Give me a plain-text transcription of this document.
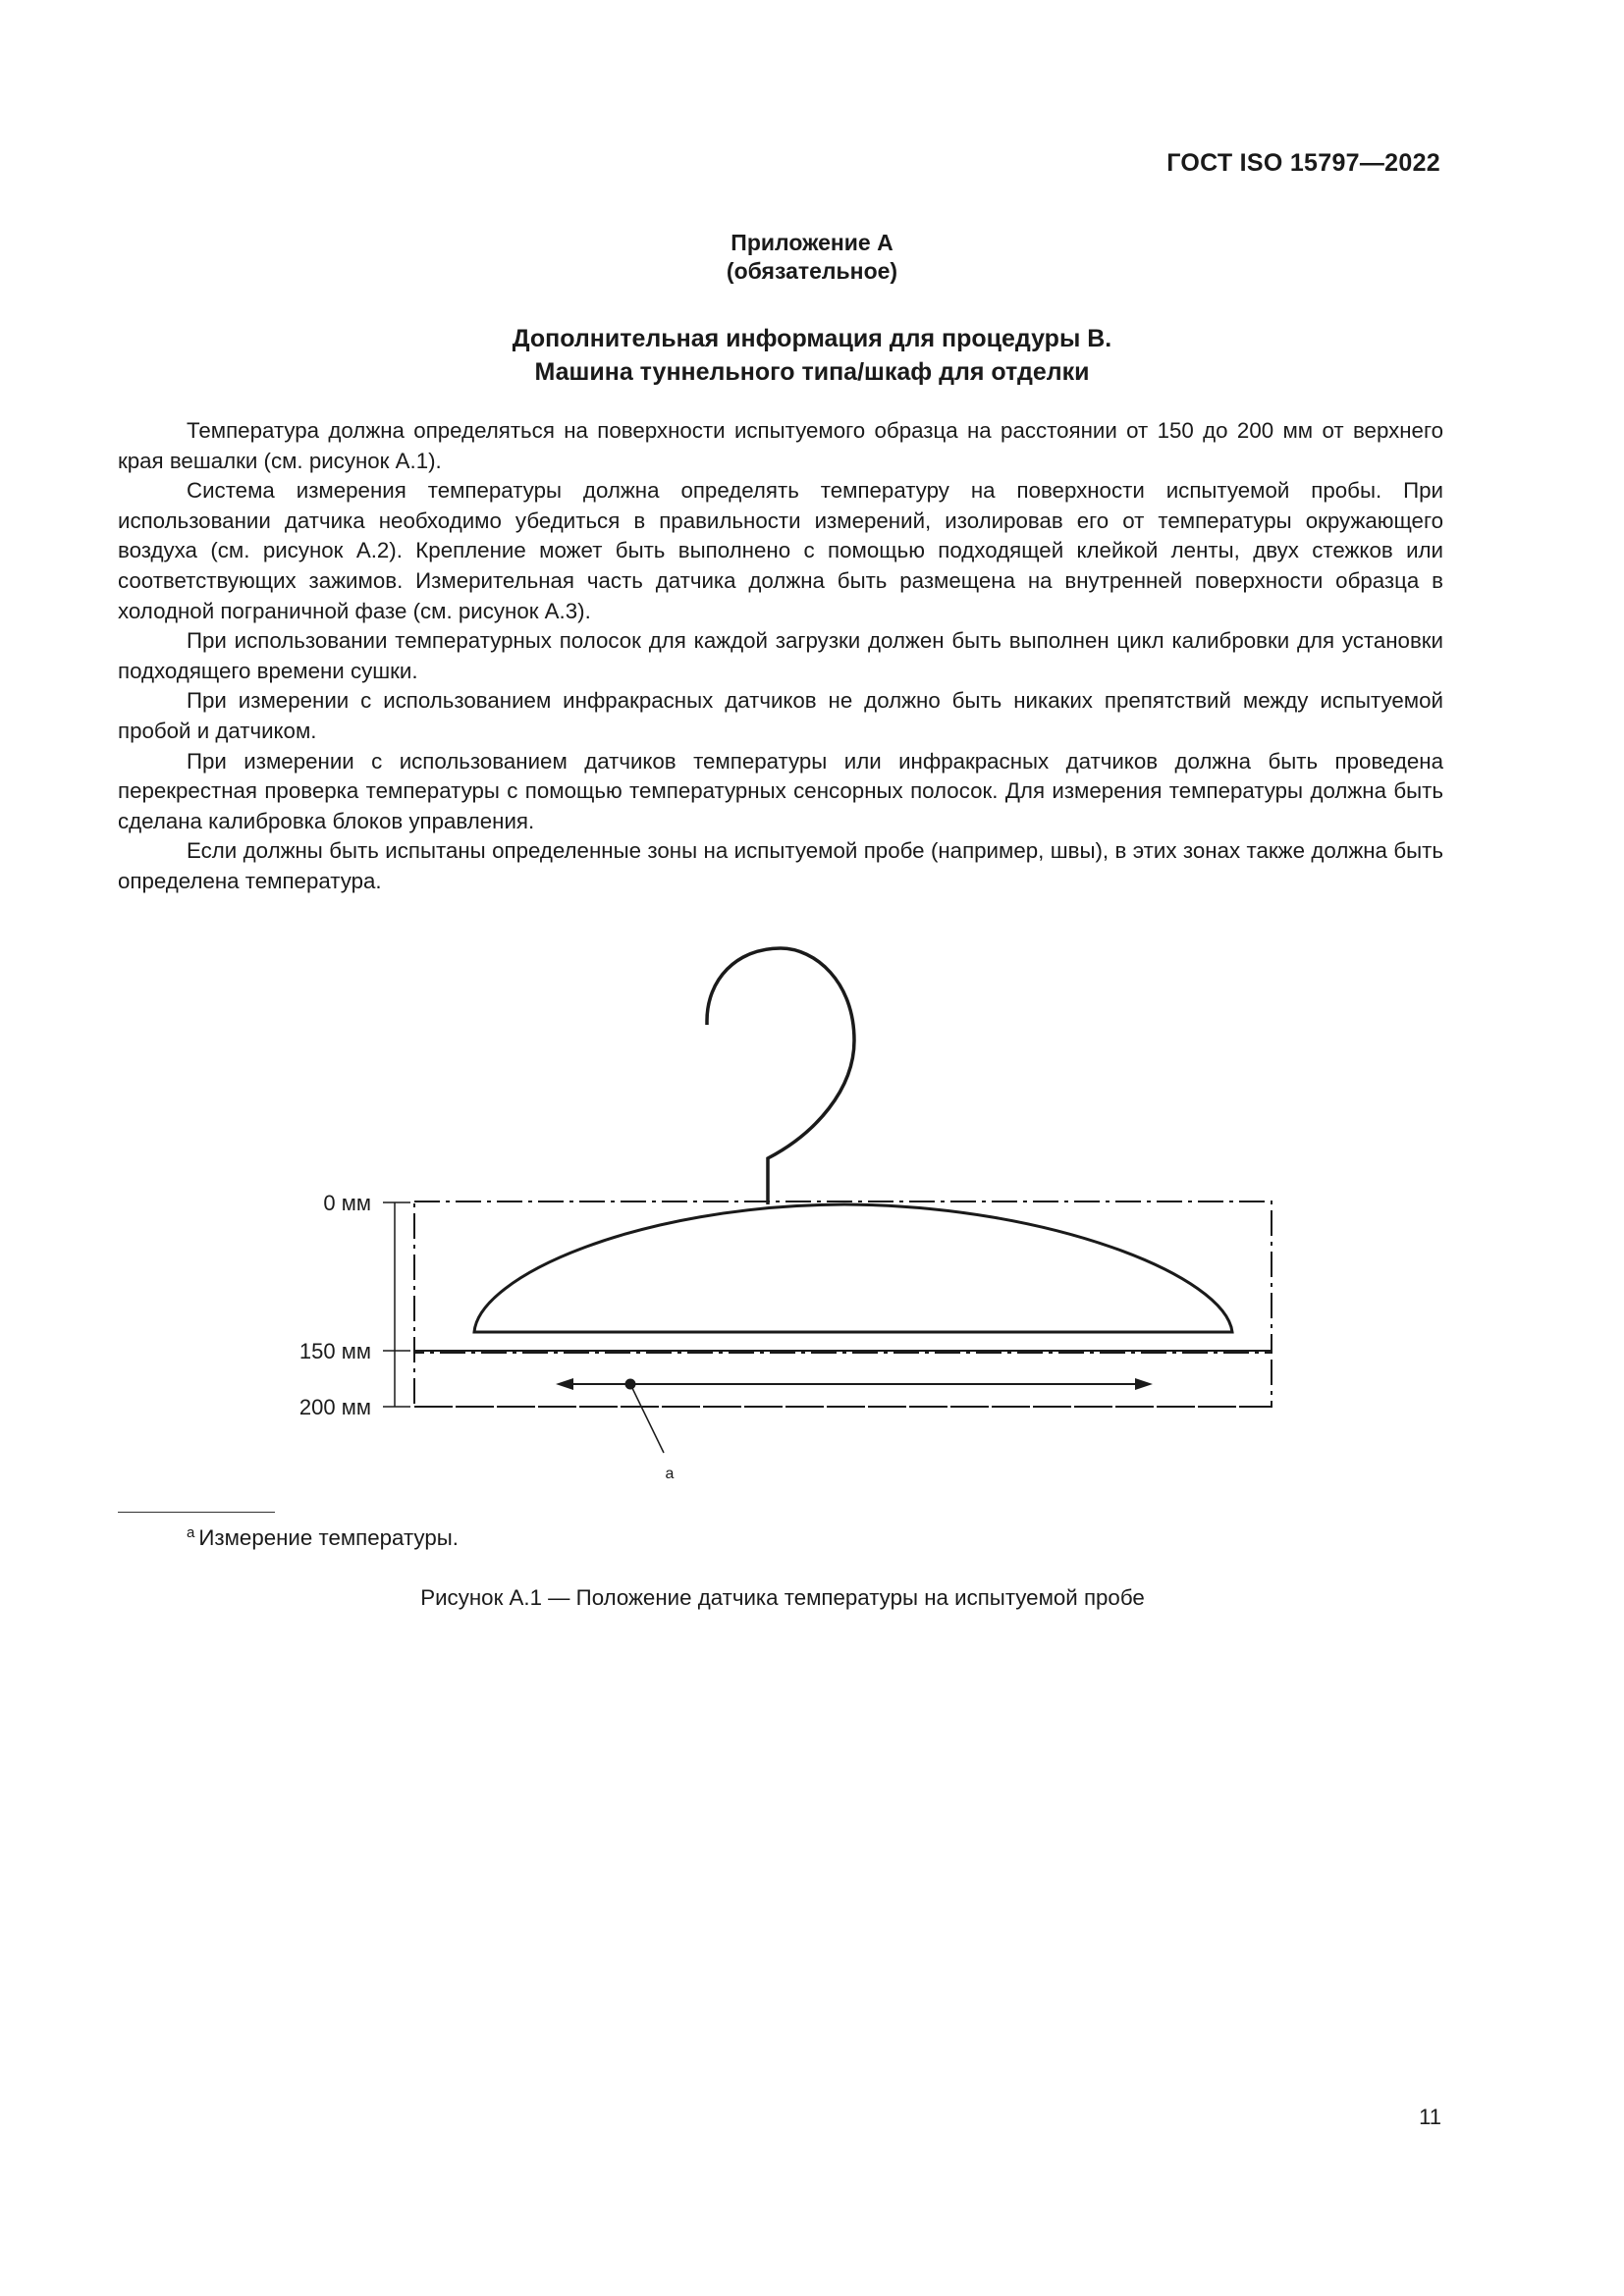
ГОСТ ISO 15797—2022
Приложение А
(обязательное)
Дополнительная информация для процедуры В.
Машина туннельного типа/шкаф для отделки

Температура должна определяться на поверхности испытуемого образца на расстоянии от 150 до 200 мм от верхнего края вешалки (см. рисунок А.1).

Система измерения температуры должна определять температуру на поверхности испытуемой пробы. При использовании датчика необходимо убедиться в правильности измерений, изолировав его от температуры окружающего воздуха (см. рисунок А.2). Крепление может быть выполнено с помощью подходящей клейкой ленты, двух стежков или соответствующих зажимов. Измерительная часть датчика должна быть размещена на внутренней поверхности образца в холодной пограничной фазе (см. рисунок А.3).

При использовании температурных полосок для каждой загрузки должен быть выполнен цикл калибровки для установки подходящего времени сушки.

При измерении с использованием инфракрасных датчиков не должно быть никаких препятствий между испытуемой пробой и датчиком.

При измерении с использованием датчиков температуры или инфракрасных датчиков должна быть проведена перекрестная проверка температуры с помощью температурных сенсорных полосок. Для измерения температуры должна быть сделана калибровка блоков управления.

Если должны быть испытаны определенные зоны на испытуемой пробе (например, швы), в этих зонах также должна быть определена температура.

0 мм
150 мм
200 мм
a
$^a$ Измерение температуры.
Рисунок А.1 — Положение датчика температуры на испытуемой пробе
11
